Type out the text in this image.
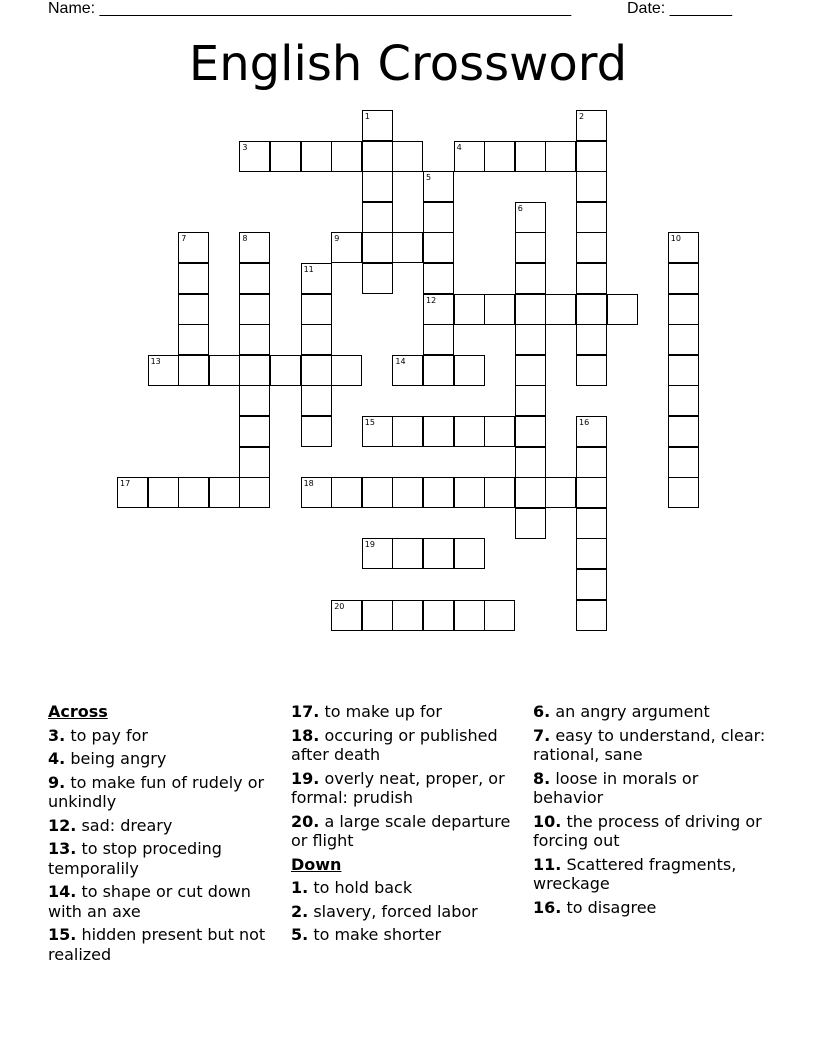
Name: _____________________________________________________	Date: _______
English Crossword
1	2
3	4
5
6
7	8	9	10
11
12
13	14
15	16
17	18
19
20
Across
3. to pay for
4. being angry
9. to make fun of rudely or unkindly
12. sad: dreary
13. to stop proceding temporalily
14. to shape or cut down with an axe
15. hidden present but not realized
17. to make up for
18. occuring or published after death
19. overly neat, proper, or formal: prudish
20. a large scale departure or flight
Down
1. to hold back
2. slavery, forced labor
5. to make shorter
6. an angry argument
7. easy to understand, clear: rational, sane
8. loose in morals or behavior
10. the process of driving or forcing out
11. Scattered fragments, wreckage
16. to disagree
